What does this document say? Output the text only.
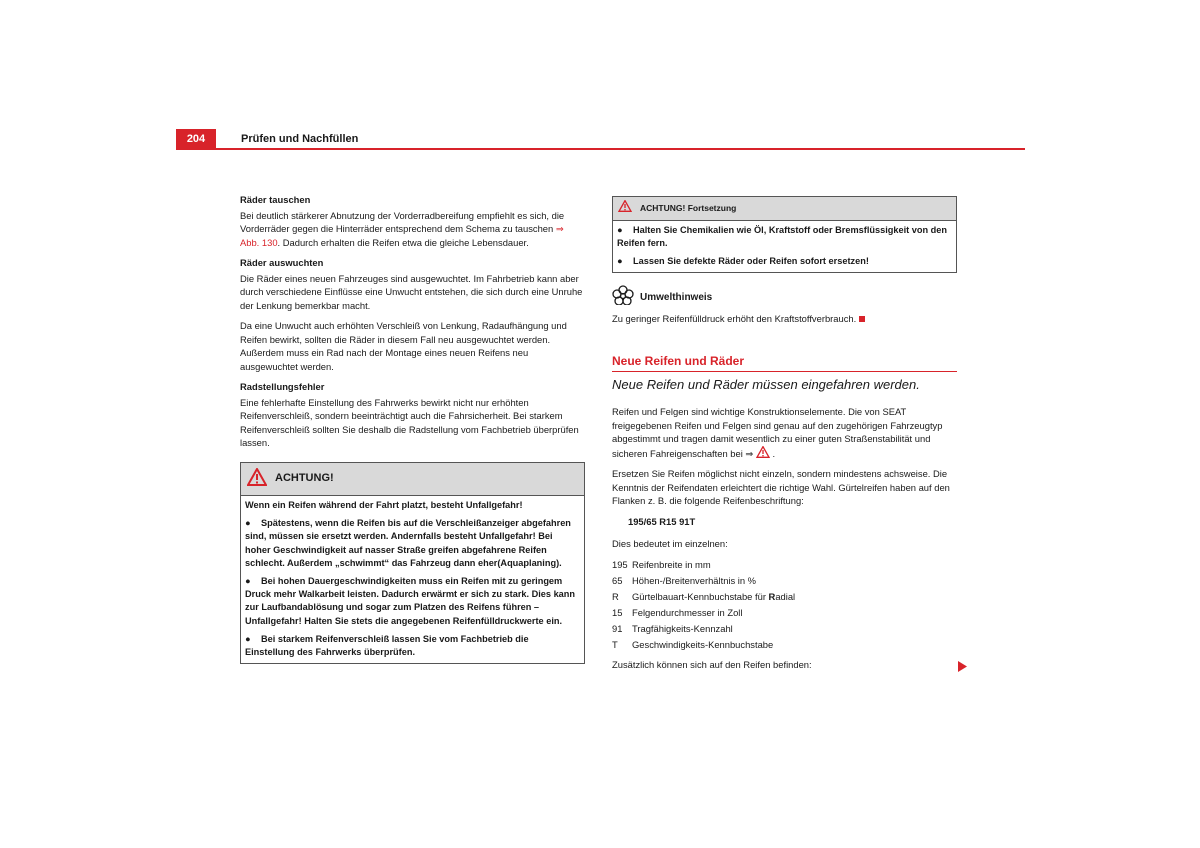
204	Prüfen und Nachfüllen
Räder tauschen

Bei deutlich stärkerer Abnutzung der Vorderradbereifung empfiehlt es sich, die Vorderräder gegen die Hinterräder entsprechend dem Schema zu tauschen ⇒ Abb. 130. Dadurch erhalten die Reifen etwa die gleiche Lebensdauer.

Räder auswuchten

Die Räder eines neuen Fahrzeuges sind ausgewuchtet. Im Fahrbetrieb kann aber durch verschiedene Einflüsse eine Unwucht entstehen, die sich durch eine Unruhe der Lenkung bemerkbar macht.

Da eine Unwucht auch erhöhten Verschleiß von Lenkung, Radaufhängung und Reifen bewirkt, sollten die Räder in diesem Fall neu ausgewuchtet werden. Außerdem muss ein Rad nach der Montage eines neuen Reifens neu ausgewuchtet werden.

Radstellungsfehler

Eine fehlerhafte Einstellung des Fahrwerks bewirkt nicht nur erhöhten Reifenverschleiß, sondern beeinträchtigt auch die Fahrsicherheit. Bei starkem Reifenverschleiß sollten Sie deshalb die Radstellung vom Fachbetrieb überprüfen lassen.

ACHTUNG!

Wenn ein Reifen während der Fahrt platzt, besteht Unfallgefahr!

● Spätestens, wenn die Reifen bis auf die Verschleißanzeiger abgefahren sind, müssen sie ersetzt werden. Andernfalls besteht Unfallgefahr! Bei hoher Geschwindigkeit auf nasser Straße greifen abgefahrene Reifen schlecht. Außerdem „schwimmt“ das Fahrzeug dann eher(Aquaplaning).

● Bei hohen Dauergeschwindigkeiten muss ein Reifen mit zu geringem Druck mehr Walkarbeit leisten. Dadurch erwärmt er sich zu stark. Dies kann zur Laufbandablösung und sogar zum Platzen des Reifens führen – Unfallgefahr! Halten Sie stets die angegebenen Reifenfülldruckwerte ein.

● Bei starkem Reifenverschleiß lassen Sie vom Fachbetrieb die Einstellung des Fahrwerks überprüfen.

ACHTUNG! Fortsetzung

● Halten Sie Chemikalien wie Öl, Kraftstoff oder Bremsflüssigkeit von den Reifen fern.

● Lassen Sie defekte Räder oder Reifen sofort ersetzen!

Umwelthinweis

Zu geringer Reifenfülldruck erhöht den Kraftstoffverbrauch.

Neue Reifen und Räder
Neue Reifen und Räder müssen eingefahren werden.

Reifen und Felgen sind wichtige Konstruktionselemente. Die von SEAT freigegebenen Reifen und Felgen sind genau auf den zugehörigen Fahrzeugtyp abgestimmt und tragen damit wesentlich zu einer guten Straßenstabilität und sicheren Fahreigenschaften bei ⇒ .

Ersetzen Sie Reifen möglichst nicht einzeln, sondern mindestens achsweise. Die Kenntnis der Reifendaten erleichtert die richtige Wahl. Gürtelreifen haben auf den Flanken z. B. die folgende Reifenbeschriftung:

195/65 R15 91T

Dies bedeutet im einzelnen:

195 Reifenbreite in mm
65	Höhen-/Breitenverhältnis in %
R	Gürtelbauart-Kennbuchstabe für Radial
15	Felgendurchmesser in Zoll
91	Tragfähigkeits-Kennzahl
T	Geschwindigkeits-Kennbuchstabe

Zusätzlich können sich auf den Reifen befinden:
